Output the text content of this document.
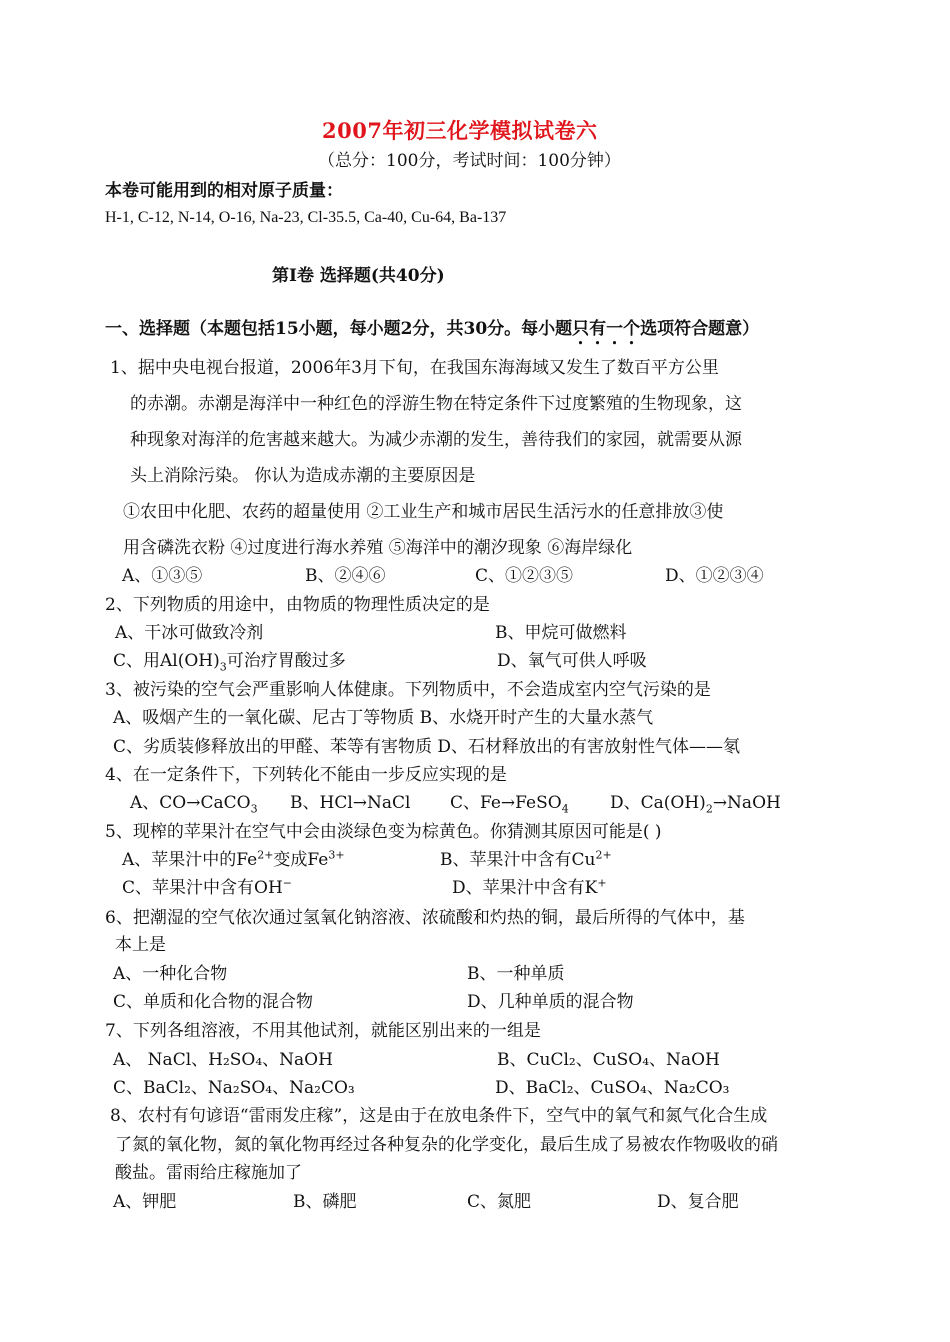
2007年初三化学模拟试卷六
（总分：100分，考试时间：100分钟）
本卷可能用到的相对原子质量：
H-1, C-12, N-14, O-16, Na-23, Cl-35.5, Ca-40, Cu-64, Ba-137
第Ⅰ卷 选择题(共40分)
一、选择题（本题包括15小题，每小题2分，共30分。每小题只有一个选项符合题意）
1、据中央电视台报道，2006年3月下旬，在我国东海海域又发生了数百平方公里
的赤潮。赤潮是海洋中一种红色的浮游生物在特定条件下过度繁殖的生物现象，这
种现象对海洋的危害越来越大。为减少赤潮的发生，善待我们的家园，就需要从源
头上消除污染。 你认为造成赤潮的主要原因是
①农田中化肥、农药的超量使用 ②工业生产和城市居民生活污水的任意排放③使
用含磷洗衣粉 ④过度进行海水养殖 ⑤海洋中的潮汐现象 ⑥海岸绿化
A、①③⑤	B、②④⑥	C、①②③⑤	D、①②③④
2、下列物质的用途中，由物质的物理性质决定的是
A、干冰可做致冷剂	B、甲烷可做燃料
C、用$Al(OH)_3$可治疗胃酸过多	D、氧气可供人呼吸
3、被污染的空气会严重影响人体健康。下列物质中，不会造成室内空气污染的是
A、吸烟产生的一氧化碳、尼古丁等物质 B、水烧开时产生的大量水蒸气
C、劣质装修释放出的甲醛、苯等有害物质 D、石材释放出的有害放射性气体——氡
4、在一定条件下，下列转化不能由一步反应实现的是
A、CO→CaCO$_3$ B、HCl→NaCl C、Fe→FeSO$_4$ D、$Ca(OH)_2\to NaOH$
5、现榨的苹果汁在空气中会由淡绿色变为棕黄色。你猜测其原因可能是( )
A、苹果汁中的$Fe^{2+}$变成$Fe^{3+}$	B、苹果汁中含有$Cu^{2+}$
C、苹果汁中含有OH−	D、苹果汁中含有K+
6、把潮湿的空气依次通过氢氧化钠溶液、浓硫酸和灼热的铜，最后所得的气体中，基
本上是
A、一种化合物	B、一种单质
C、单质和化合物的混合物	D、几种单质的混合物
7、下列各组溶液，不用其他试剂，就能区别出来的一组是
A、 NaCl、H₂SO₄、NaOH	B、CuCl₂、CuSO₄、NaOH
C、BaCl₂、Na₂SO₄、Na₂CO₃	D、BaCl₂、CuSO₄、Na₂CO₃
8、农村有句谚语“雷雨发庄稼”，这是由于在放电条件下，空气中的氧气和氮气化合生成
了氮的氧化物，氮的氧化物再经过各种复杂的化学变化，最后生成了易被农作物吸收的硝
酸盐。雷雨给庄稼施加了
A、钾肥	B、磷肥	C、氮肥	D、复合肥
